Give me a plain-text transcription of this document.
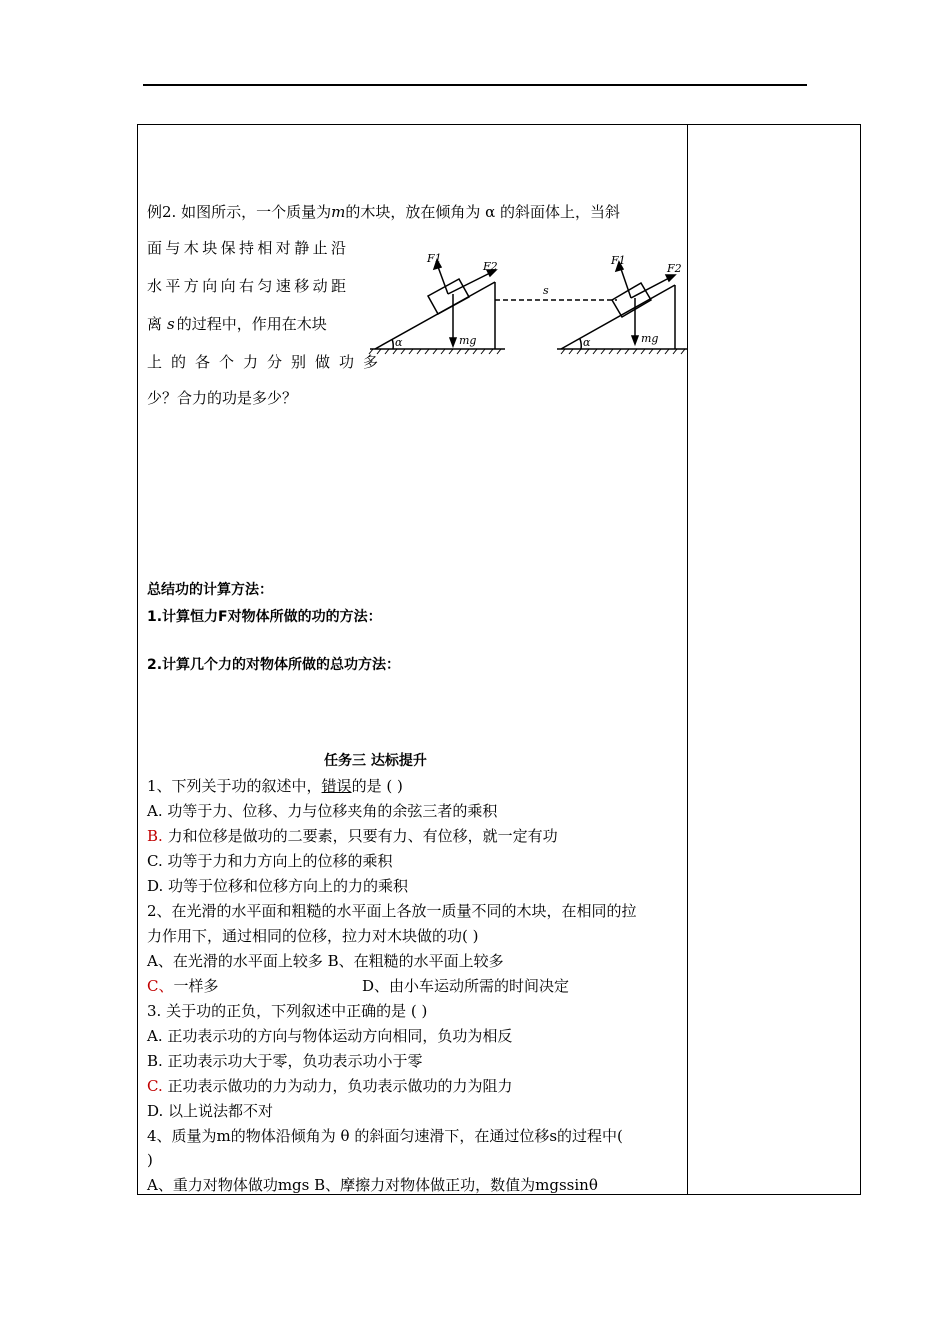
例2. 如图所示，一个质量为m的木块，放在倾角为 α 的斜面体上，当斜
面与木块保持相对静止沿
水平方向向右匀速移动距
离 s 的过程中，作用在木块
上的各个力分别做功多
少？合力的功是多少？
F1
F2
mg
α
s
F1
F2
mg
α
总结功的计算方法：
1.计算恒力F对物体所做的功的方法：
2.计算几个力的对物体所做的总功方法：
任务三 达标提升
1、下列关于功的叙述中，错误的是 ( )
A. 功等于力、位移、力与位移夹角的余弦三者的乘积
B. 力和位移是做功的二要素，只要有力、有位移，就一定有功
C. 功等于力和力方向上的位移的乘积
D. 功等于位移和位移方向上的力的乘积
2、在光滑的水平面和粗糙的水平面上各放一质量不同的木块，在相同的拉
力作用下，通过相同的位移，拉力对木块做的功( )
A、在光滑的水平面上较多 B、在粗糙的水平面上较多
C、一样多	D、由小车运动所需的时间决定
3. 关于功的正负，下列叙述中正确的是 ( )
A. 正功表示功的方向与物体运动方向相同，负功为相反
B. 正功表示功大于零，负功表示功小于零
C. 正功表示做功的力为动力，负功表示做功的力为阻力
D. 以上说法都不对
4、质量为m的物体沿倾角为 θ 的斜面匀速滑下，在通过位移s的过程中(
)
A、重力对物体做功mgs B、摩擦力对物体做正功，数值为mgssinθ
